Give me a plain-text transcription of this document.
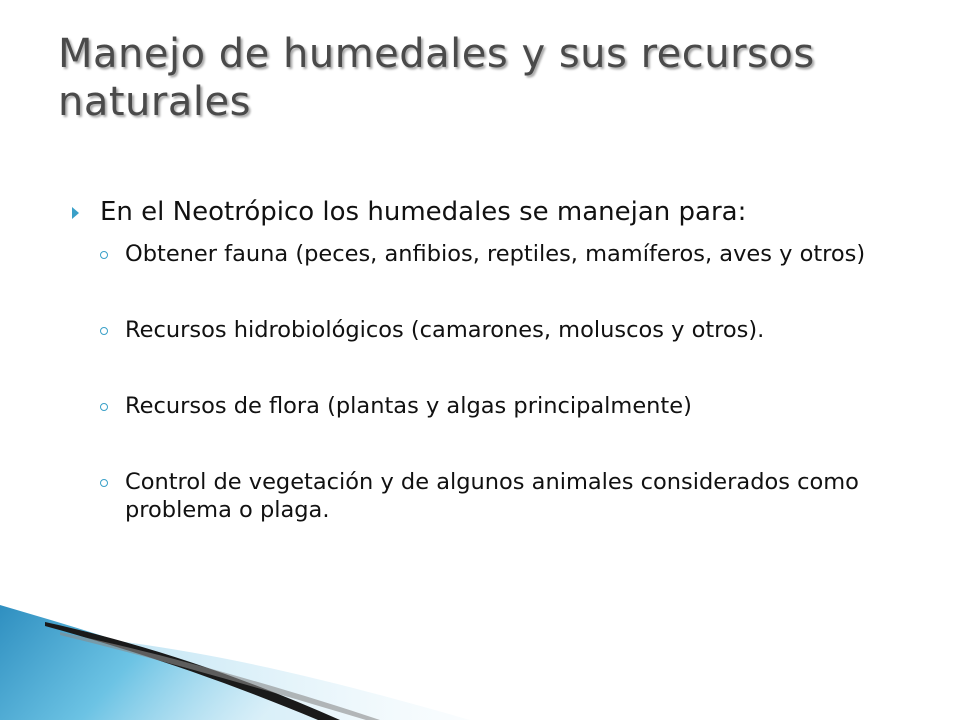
Manejo de humedales y sus recursos naturales
En el Neotrópico los humedales se manejan para:
Obtener fauna (peces, anfibios, reptiles, mamíferos, aves y otros)
Recursos hidrobiológicos (camarones, moluscos y otros).
Recursos de flora (plantas y algas principalmente)
Control de vegetación y de algunos animales considerados como problema o plaga.
